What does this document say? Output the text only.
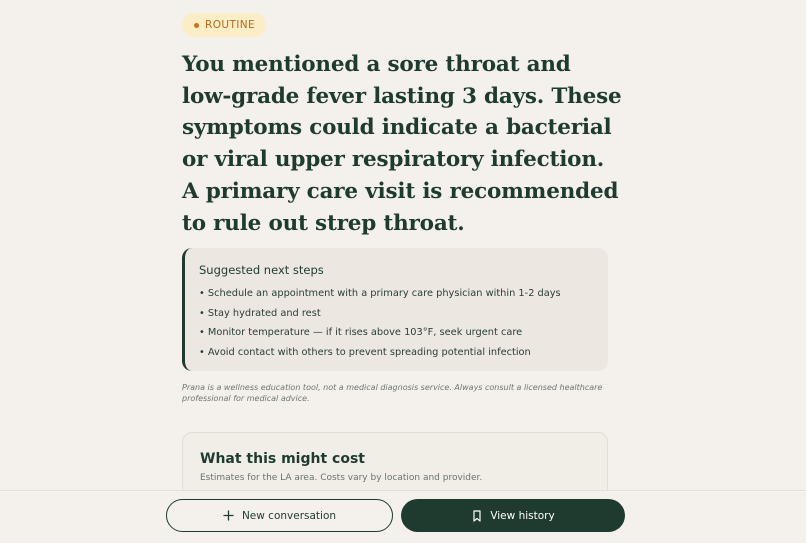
ROUTINE
You mentioned a sore throat and low-grade fever lasting 3 days. These symptoms could indicate a bacterial or viral upper respiratory infection. A primary care visit is recommended to rule out strep throat.
Suggested next steps
• Schedule an appointment with a primary care physician within 1-2 days
• Stay hydrated and rest
• Monitor temperature — if it rises above 103°F, seek urgent care
• Avoid contact with others to prevent spreading potential infection

Prana is a wellness education tool, not a medical diagnosis service. Always consult a licensed healthcare professional for medical advice.

What this might cost

Estimates for the LA area. Costs vary by location and provider.

New conversation	View history
